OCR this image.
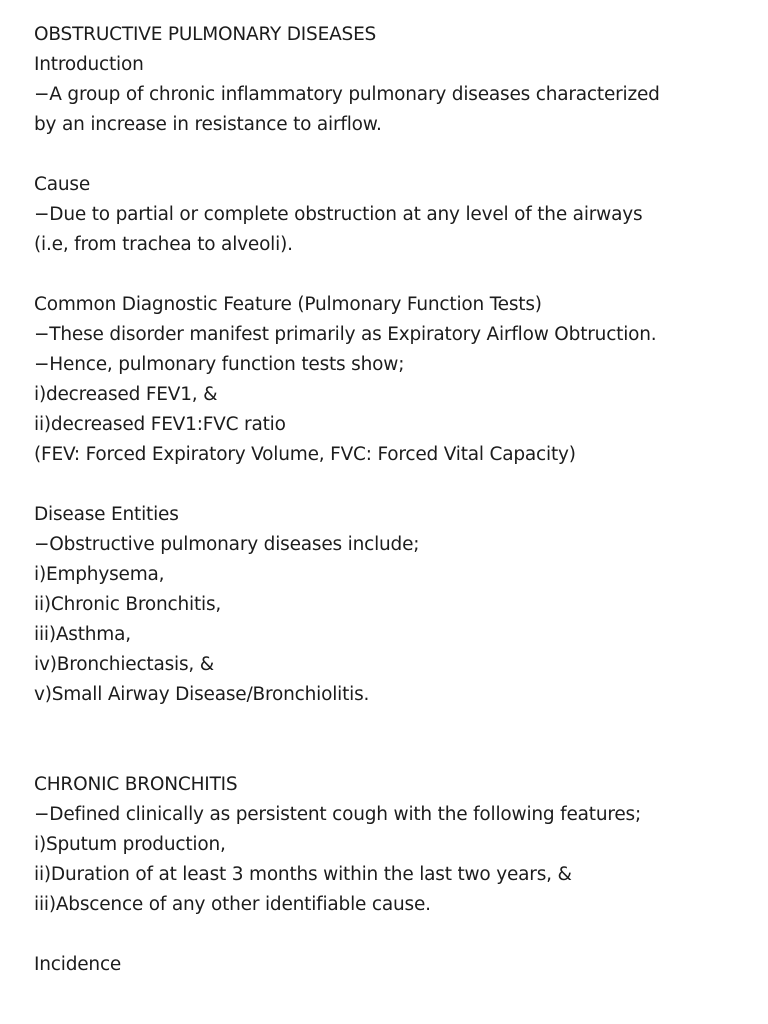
OBSTRUCTIVE PULMONARY DISEASES
Introduction
−A group of chronic inflammatory pulmonary diseases characterized
by an increase in resistance to airflow.
Cause
−Due to partial or complete obstruction at any level of the airways
(i.e, from trachea to alveoli).
Common Diagnostic Feature (Pulmonary Function Tests)
−These disorder manifest primarily as Expiratory Airflow Obtruction.
−Hence, pulmonary function tests show;
i)decreased FEV1, &
ii)decreased FEV1:FVC ratio
(FEV: Forced Expiratory Volume, FVC: Forced Vital Capacity)
Disease Entities
−Obstructive pulmonary diseases include;
i)Emphysema,
ii)Chronic Bronchitis,
iii)Asthma,
iv)Bronchiectasis, &
v)Small Airway Disease/Bronchiolitis.
CHRONIC BRONCHITIS
−Defined clinically as persistent cough with the following features;
i)Sputum production,
ii)Duration of at least 3 months within the last two years, &
iii)Abscence of any other identifiable cause.
Incidence
